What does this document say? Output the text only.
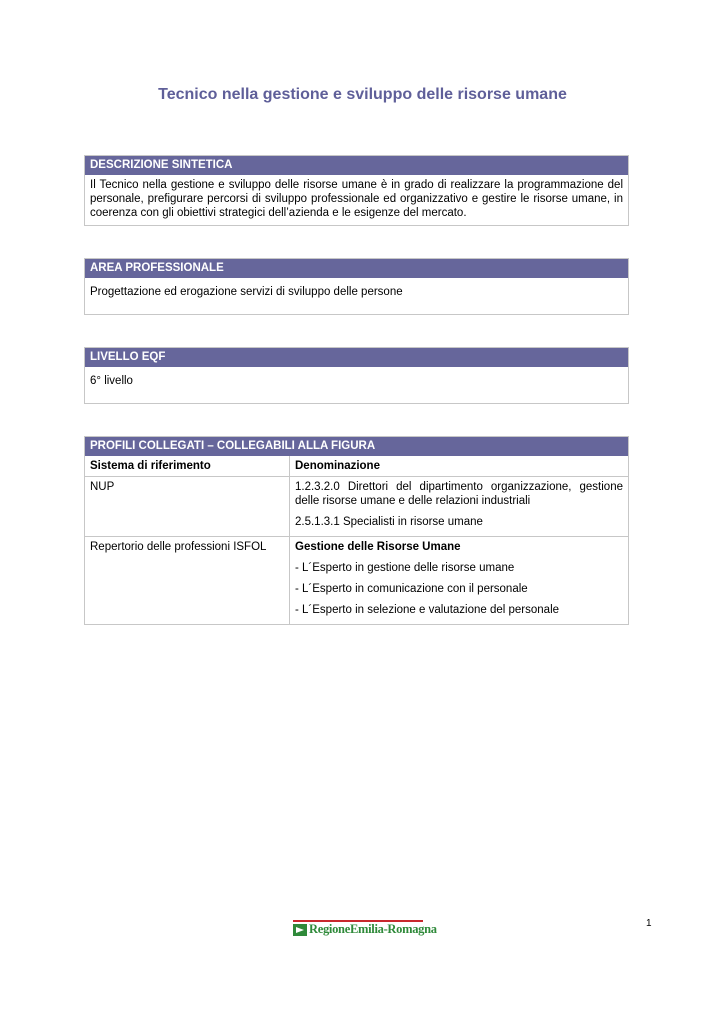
Tecnico nella gestione e sviluppo delle risorse umane
DESCRIZIONE SINTETICA
Il Tecnico nella gestione e sviluppo delle risorse umane è in grado di realizzare la programmazione del personale, prefigurare percorsi di sviluppo professionale ed organizzativo e gestire le risorse umane, in coerenza con gli obiettivi strategici dell’azienda e le esigenze del mercato.
AREA PROFESSIONALE
Progettazione ed erogazione servizi di sviluppo delle persone
LIVELLO EQF
6° livello
PROFILI COLLEGATI – COLLEGABILI ALLA FIGURA
Sistema di riferimento	Denominazione
NUP	1.2.3.2.0 Direttori del dipartimento organizzazione, gestione delle risorse umane e delle relazioni industriali
2.5.1.3.1 Specialisti in risorse umane

Repertorio delle professioni ISFOL	Gestione delle Risorse Umane
- L´Esperto in gestione delle risorse umane
- L´Esperto in comunicazione con il personale
- L´Esperto in selezione e valutazione del personale
RegioneEmilia-Romagna	1
